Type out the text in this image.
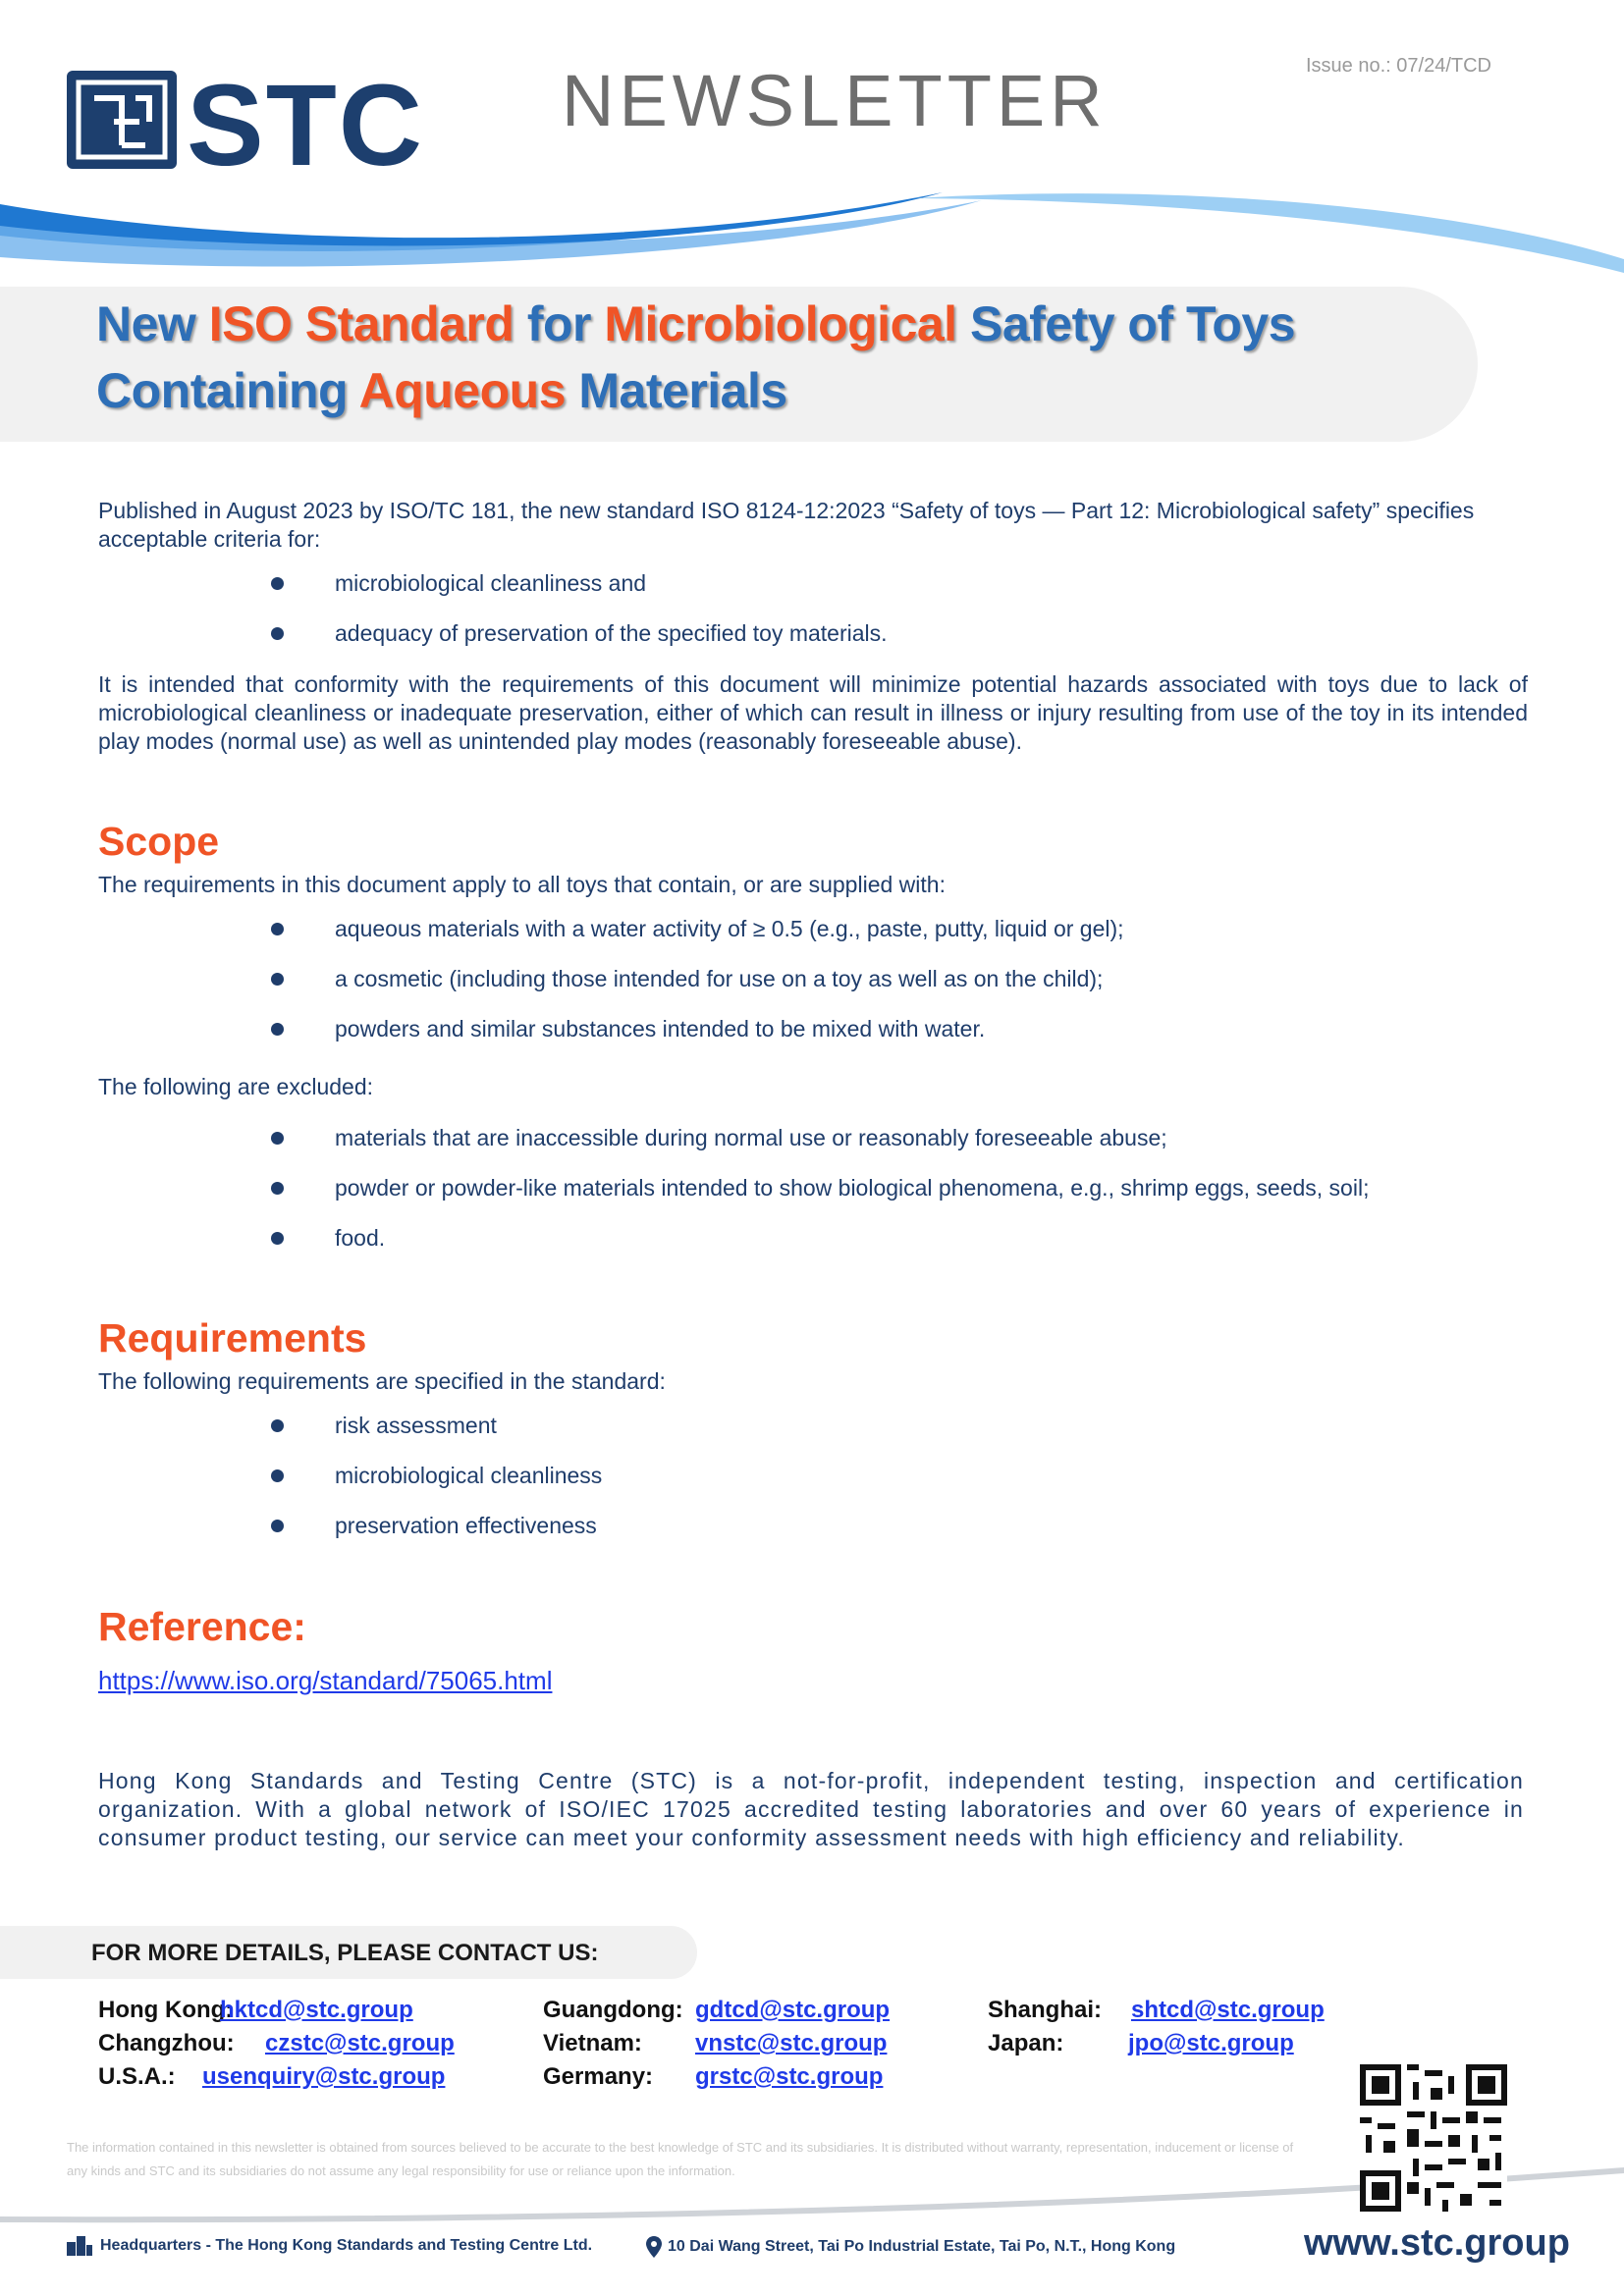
Issue no.: 07/24/TCD
STC NEWSLETTER
New ISO Standard for Microbiological Safety of Toys
Containing Aqueous Materials
Published in August 2023 by ISO/TC 181, the new standard ISO 8124-12:2023 “Safety of toys — Part 12: Microbiological safety” specifies acceptable criteria for:
microbiological cleanliness and
adequacy of preservation of the specified toy materials.
It is intended that conformity with the requirements of this document will minimize potential hazards associated with toys due to lack of microbiological cleanliness or inadequate preservation, either of which can result in illness or injury resulting from use of the toy in its intended play modes (normal use) as well as unintended play modes (reasonably foreseeable abuse).
Scope
The requirements in this document apply to all toys that contain, or are supplied with:
aqueous materials with a water activity of ≥ 0.5 (e.g., paste, putty, liquid or gel);
a cosmetic (including those intended for use on a toy as well as on the child);
powders and similar substances intended to be mixed with water.
The following are excluded:
materials that are inaccessible during normal use or reasonably foreseeable abuse;
powder or powder-like materials intended to show biological phenomena, e.g., shrimp eggs, seeds, soil;
food.
Requirements
The following requirements are specified in the standard:
risk assessment
microbiological cleanliness
preservation effectiveness
Reference:
https://www.iso.org/standard/75065.html
Hong Kong Standards and Testing Centre (STC) is a not-for-profit, independent testing, inspection and certification organization. With a global network of ISO/IEC 17025 accredited testing laboratories and over 60 years of experience in consumer product testing, our service can meet your conformity assessment needs with high efficiency and reliability.
FOR MORE DETAILS, PLEASE CONTACT US:
Hong Kong:hktcd@stc.group
Changzhou: czstc@stc.group
U.S.A.: usenquiry@stc.group
Guangdong: gdtcd@stc.group
Vietnam: vnstc@stc.group
Germany: grstc@stc.group
Shanghai: shtcd@stc.group
Japan:	jpo@stc.group
The information contained in this newsletter is obtained from sources believed to be accurate to the best knowledge of STC and its subsidiaries. It is distributed without warranty, representation, inducement or license of any kinds and STC and its subsidiaries do not assume any legal responsibility for use or reliance upon the information.
Headquarters - The Hong Kong Standards and Testing Centre Ltd.	10 Dai Wang Street, Tai Po Industrial Estate, Tai Po, N.T., Hong Kong	www.stc.group
